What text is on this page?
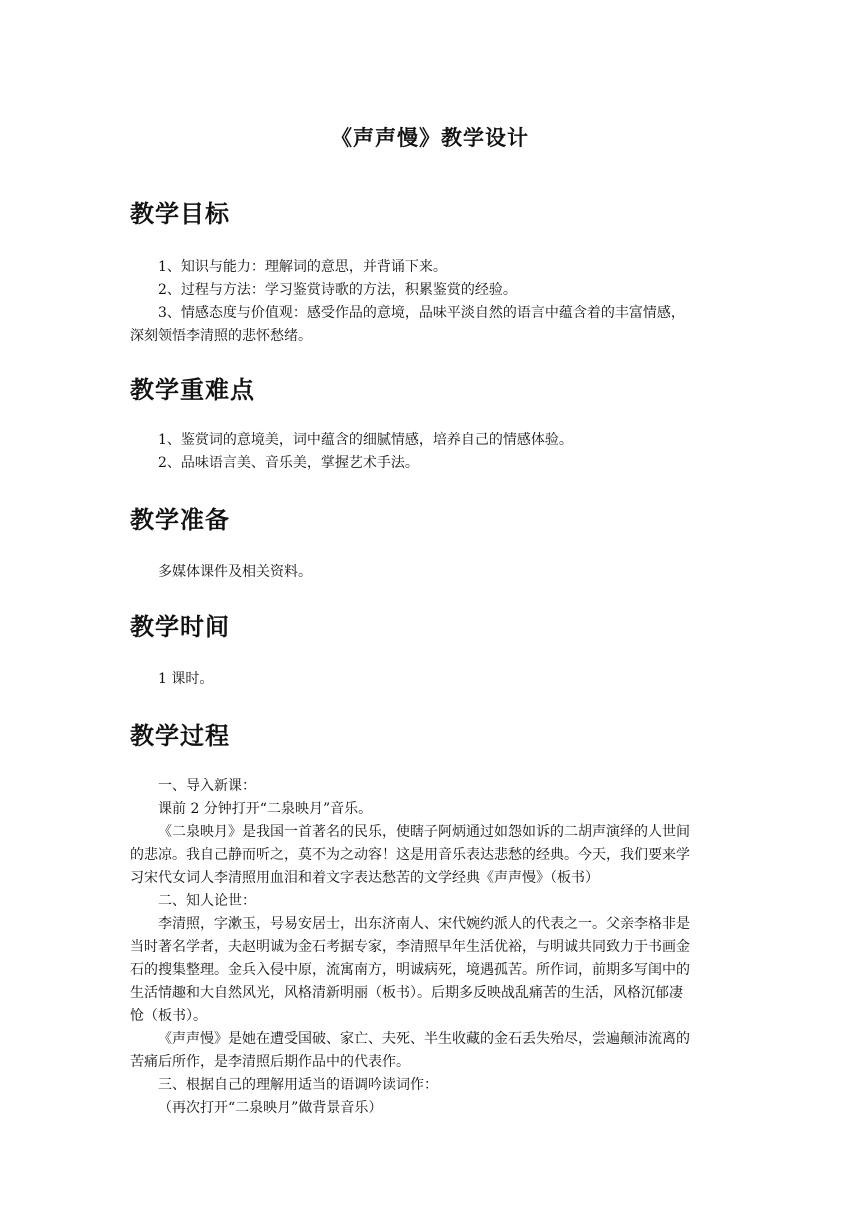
《声声慢》教学设计
教学目标
1、知识与能力：理解词的意思，并背诵下来。
2、过程与方法：学习鉴赏诗歌的方法，积累鉴赏的经验。
3、情感态度与价值观：感受作品的意境，品味平淡自然的语言中蕴含着的丰富情感，
深刻领悟李清照的悲怀愁绪。
教学重难点
1、鉴赏词的意境美，词中蕴含的细腻情感，培养自己的情感体验。
2、品味语言美、音乐美，掌握艺术手法。
教学准备
多媒体课件及相关资料。
教学时间
1 课时。
教学过程
一、导入新课：
课前 2 分钟打开“二泉映月”音乐。
《二泉映月》是我国一首著名的民乐，使瞎子阿炳通过如怨如诉的二胡声演绎的人世间
的悲凉。我自己静而听之，莫不为之动容！这是用音乐表达悲愁的经典。今天，我们要来学
习宋代女词人李清照用血泪和着文字表达愁苦的文学经典《声声慢》（板书）
二、知人论世：
李清照，字漱玉，号易安居士，出东济南人、宋代婉约派人的代表之一。父亲李格非是
当时著名学者，夫赵明诚为金石考据专家，李清照早年生活优裕，与明诚共同致力于书画金
石的搜集整理。金兵入侵中原，流寓南方，明诚病死，境遇孤苦。所作词，前期多写闺中的
生活情趣和大自然风光，风格清新明丽（板书）。后期多反映战乱痛苦的生活，风格沉郁凄
怆（板书）。
《声声慢》是她在遭受国破、家亡、夫死、半生收藏的金石丢失殆尽，尝遍颠沛流离的
苦痛后所作，是李清照后期作品中的代表作。
三、根据自己的理解用适当的语调吟读词作：
（再次打开“二泉映月”做背景音乐）
